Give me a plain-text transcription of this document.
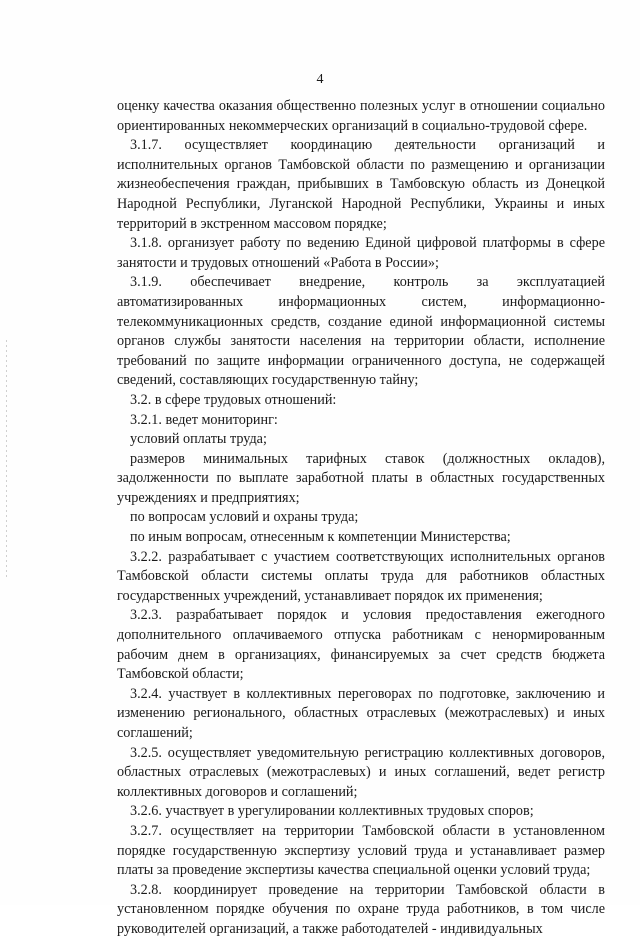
4

оценку качества оказания общественно полезных услуг в отношении социально ориентированных некоммерческих организаций в социально-трудовой сфере.

3.1.7. осуществляет координацию деятельности организаций и исполнительных органов Тамбовской области по размещению и организации жизнеобеспечения граждан, прибывших в Тамбовскую область из Донецкой Народной Республики, Луганской Народной Республики, Украины и иных территорий в экстренном массовом порядке;

3.1.8. организует работу по ведению Единой цифровой платформы в сфере занятости и трудовых отношений «Работа в России»;

3.1.9. обеспечивает внедрение, контроль за эксплуатацией автоматизированных информационных систем, информационно-телекоммуникационных средств, создание единой информационной системы органов службы занятости населения на территории области, исполнение требований по защите информации ограниченного доступа, не содержащей сведений, составляющих государственную тайну;

3.2. в сфере трудовых отношений:

3.2.1. ведет мониторинг:

условий оплаты труда;

размеров минимальных тарифных ставок (должностных окладов), задолженности по выплате заработной платы в областных государственных учреждениях и предприятиях;

по вопросам условий и охраны труда;

по иным вопросам, отнесенным к компетенции Министерства;

3.2.2. разрабатывает с участием соответствующих исполнительных органов Тамбовской области системы оплаты труда для работников областных государственных учреждений, устанавливает порядок их применения;

3.2.3. разрабатывает порядок и условия предоставления ежегодного дополнительного оплачиваемого отпуска работникам с ненормированным рабочим днем в организациях, финансируемых за счет средств бюджета Тамбовской области;

3.2.4. участвует в коллективных переговорах по подготовке, заключению и изменению регионального, областных отраслевых (межотраслевых) и иных соглашений;

3.2.5. осуществляет уведомительную регистрацию коллективных договоров, областных отраслевых (межотраслевых) и иных соглашений, ведет регистр коллективных договоров и соглашений;

3.2.6. участвует в урегулировании коллективных трудовых споров;

3.2.7. осуществляет на территории Тамбовской области в установленном порядке государственную экспертизу условий труда и устанавливает размер платы за проведение экспертизы качества специальной оценки условий труда;

3.2.8. координирует проведение на территории Тамбовской области в установленном порядке обучения по охране труда работников, в том числе руководителей организаций, а также работодателей - индивидуальных
